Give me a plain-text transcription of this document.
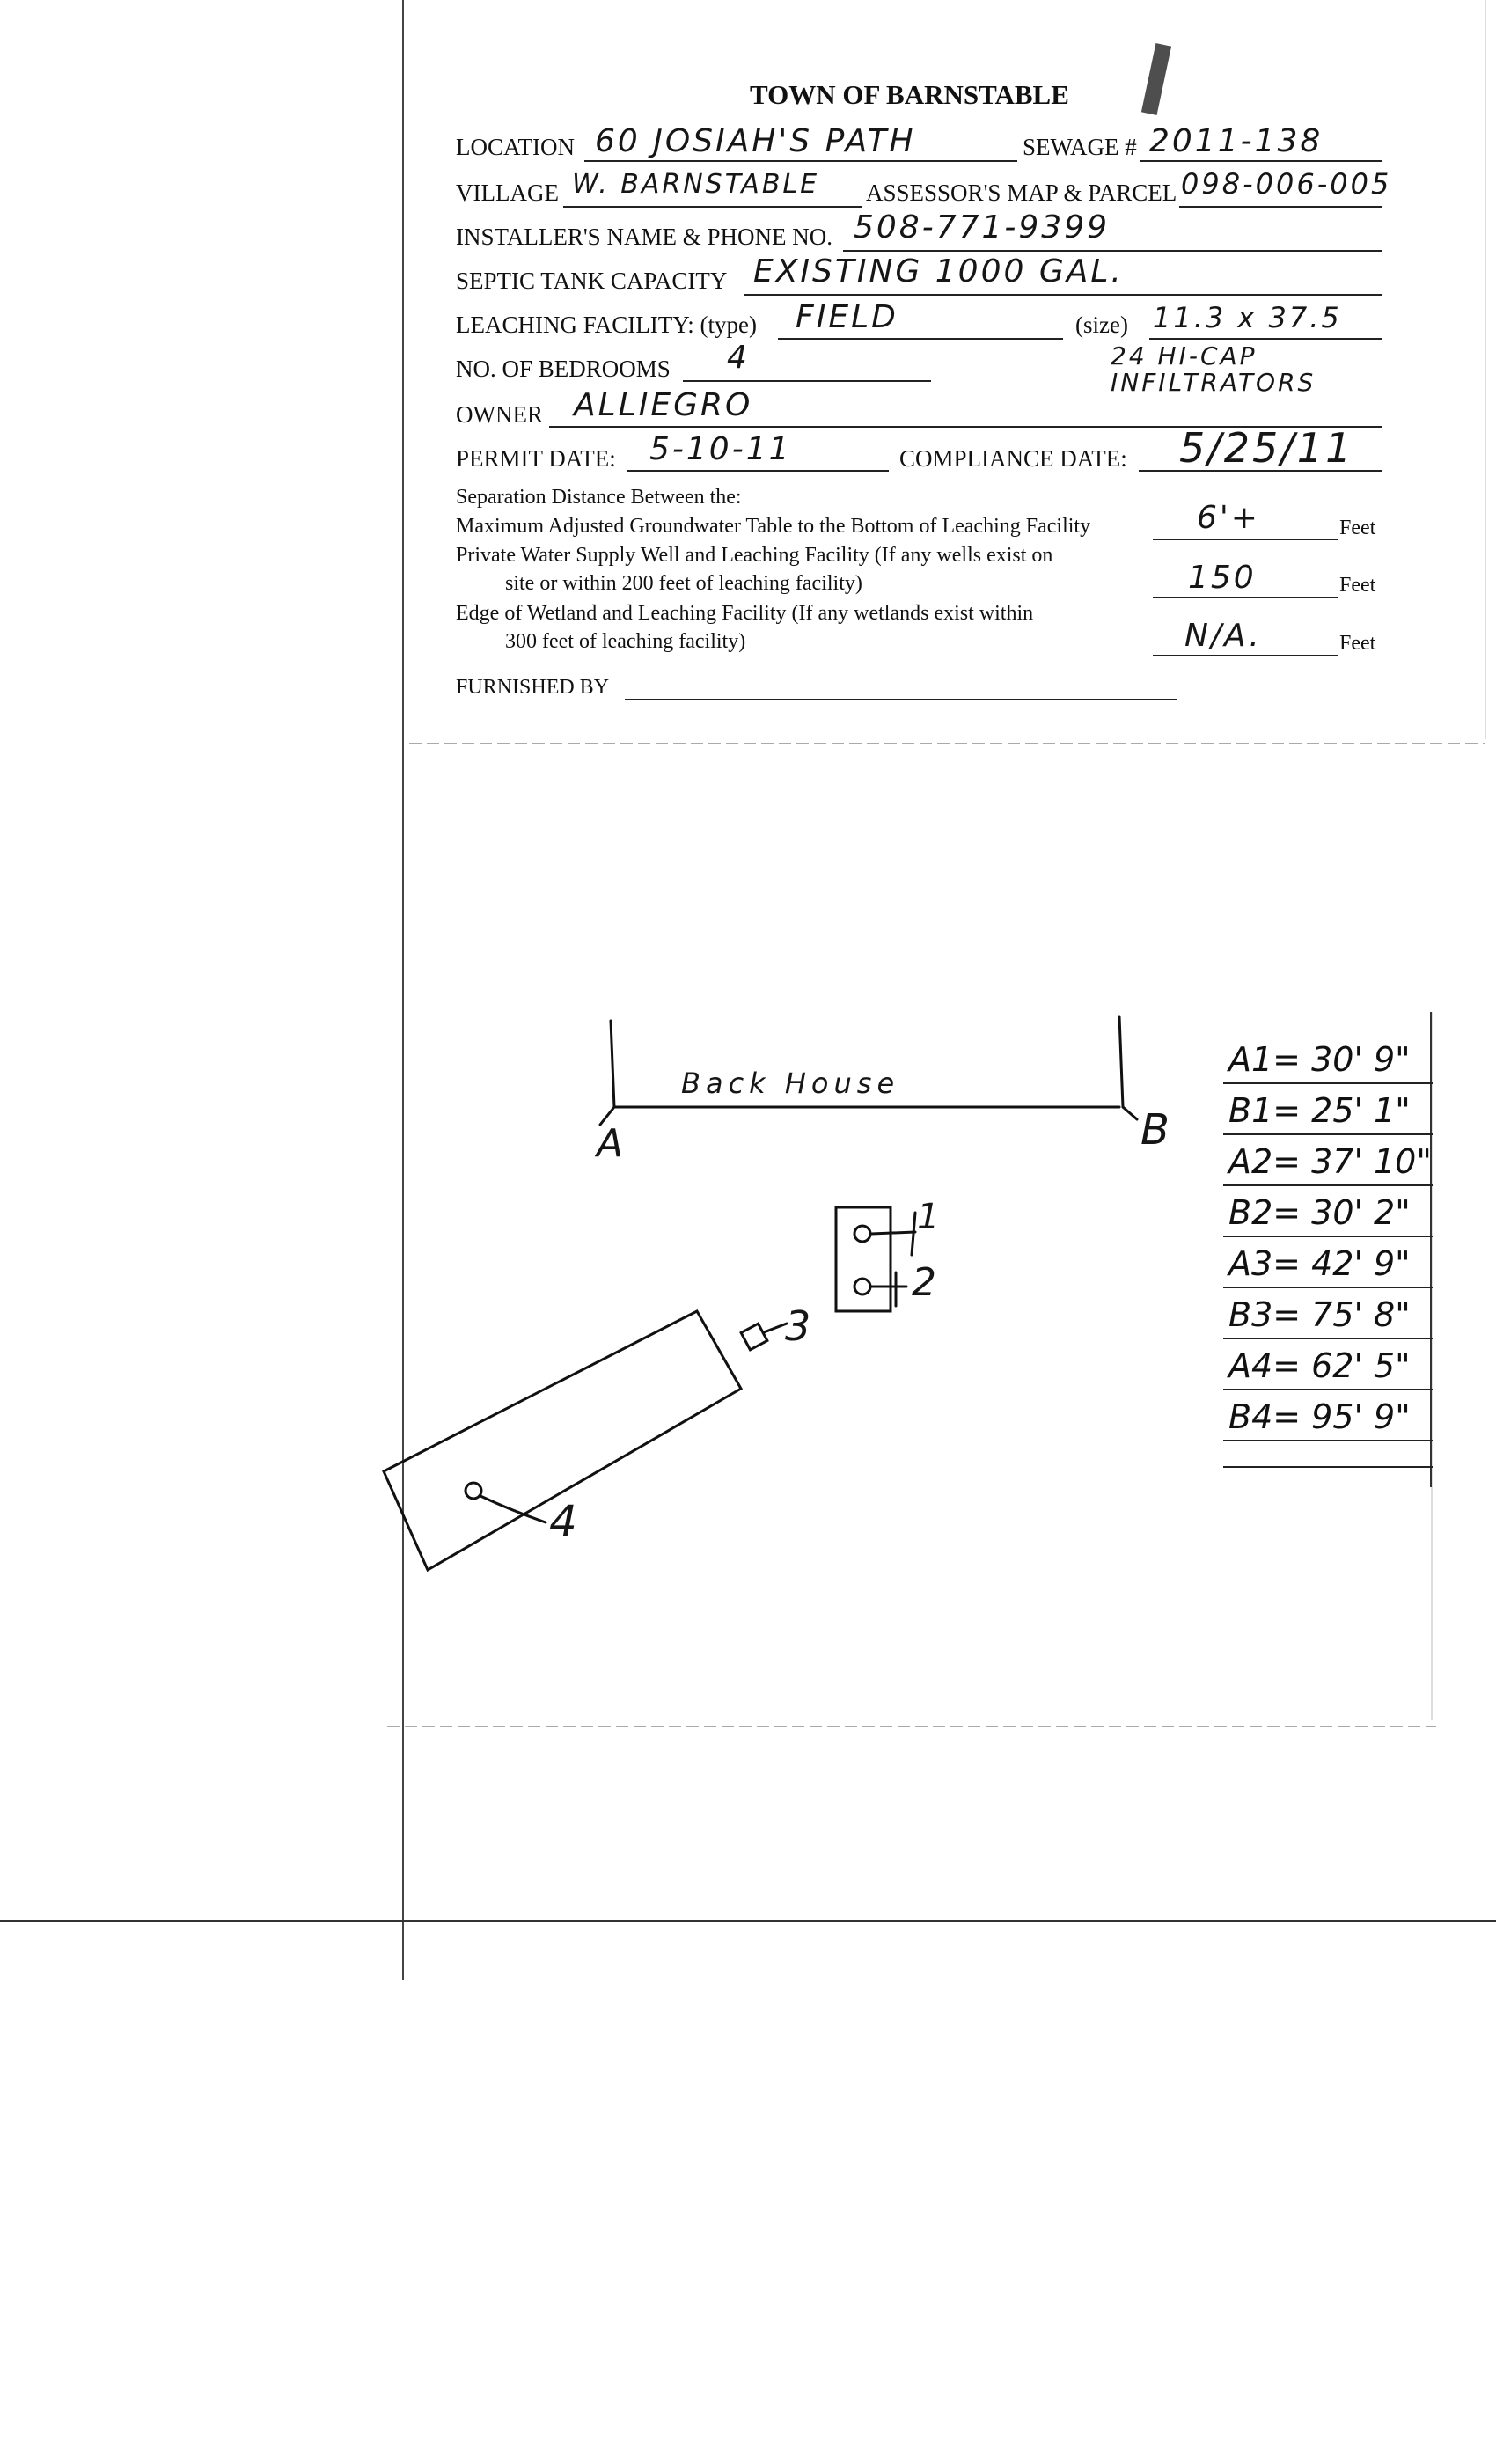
TOWN OF BARNSTABLE
LOCATION 60 JOSIAH'S PATH	SEWAGE # 2011-138
VILLAGE W. BARNSTABLE ASSESSOR'S MAP & PARCEL 098-006-005
INSTALLER'S NAME & PHONE NO. 508-771-9399
SEPTIC TANK CAPACITY EXISTING 1000 GAL.
LEACHING FACILITY: (type) FIELD	(size) 11.3 x 37.5
NO. OF BEDROOMS 4	24 HI-CAP INFILTRATORS
OWNER ALLIEGRO
PERMIT DATE: 5-10-11	COMPLIANCE DATE: 5/25/11
Separation Distance Between the:
Maximum Adjusted Groundwater Table to the Bottom of Leaching Facility	6'+	Feet
Private Water Supply Well and Leaching Facility (If any wells exist on
site or within 200 feet of leaching facility)	150	Feet
Edge of Wetland and Leaching Facility (If any wetlands exist within
300 feet of leaching facility)	N/A.	Feet
FURNISHED BY
Back House
A	B
1
2
3
4
A1= 30' 9"
B1= 25' 1"
A2= 37' 10"
B2= 30' 2"
A3= 42' 9"
B3= 75' 8"
A4= 62' 5"
B4= 95' 9"
